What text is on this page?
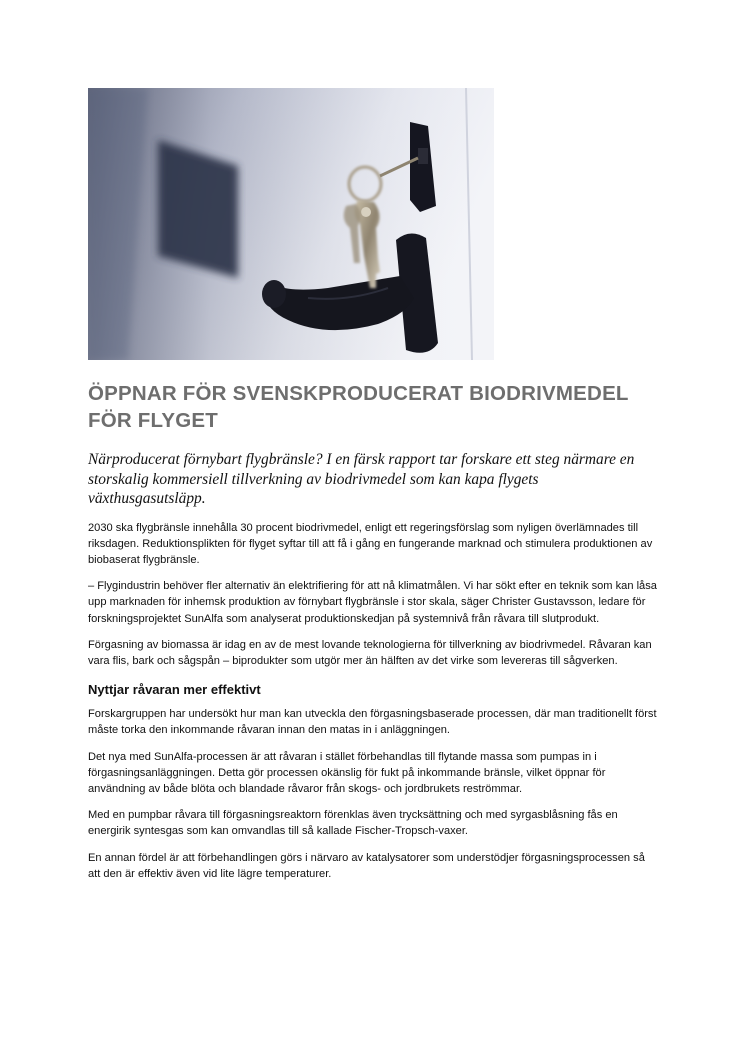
ÖPPNAR FÖR SVENSKPRODUCERAT BIODRIVMEDEL FÖR FLYGET

Närproducerat förnybart flygbränsle? I en färsk rapport tar forskare ett steg närmare en storskalig kommersiell tillverkning av biodrivmedel som kan kapa flygets växthusgasutsläpp.

2030 ska flygbränsle innehålla 30 procent biodrivmedel, enligt ett regeringsförslag som nyligen överlämnades till riksdagen. Reduktionsplikten för flyget syftar till att få i gång en fungerande marknad och stimulera produktionen av biobaserat flygbränsle.

– Flygindustrin behöver fler alternativ än elektrifiering för att nå klimatmålen. Vi har sökt efter en teknik som kan låsa upp marknaden för inhemsk produktion av förnybart flygbränsle i stor skala, säger Christer Gustavsson, ledare för forskningsprojektet SunAlfa som analyserat produktionskedjan på systemnivå från råvara till slutprodukt.

Förgasning av biomassa är idag en av de mest lovande teknologierna för tillverkning av biodrivmedel. Råvaran kan vara flis, bark och sågspån – biprodukter som utgör mer än hälften av det virke som levereras till sågverken.

Nyttjar råvaran mer effektivt

Forskargruppen har undersökt hur man kan utveckla den förgasningsbaserade processen, där man traditionellt först måste torka den inkommande råvaran innan den matas in i anläggningen.

Det nya med SunAlfa-processen är att råvaran i stället förbehandlas till flytande massa som pumpas in i förgasningsanläggningen. Detta gör processen okänslig för fukt på inkommande bränsle, vilket öppnar för användning av både blöta och blandade råvaror från skogs- och jordbrukets reströmmar.

Med en pumpbar råvara till förgasningsreaktorn förenklas även trycksättning och med syrgasblåsning fås en energirik syntesgas som kan omvandlas till så kallade Fischer-Tropsch-vaxer.

En annan fördel är att förbehandlingen görs i närvaro av katalysatorer som understödjer förgasningsprocessen så att den är effektiv även vid lite lägre temperaturer.
